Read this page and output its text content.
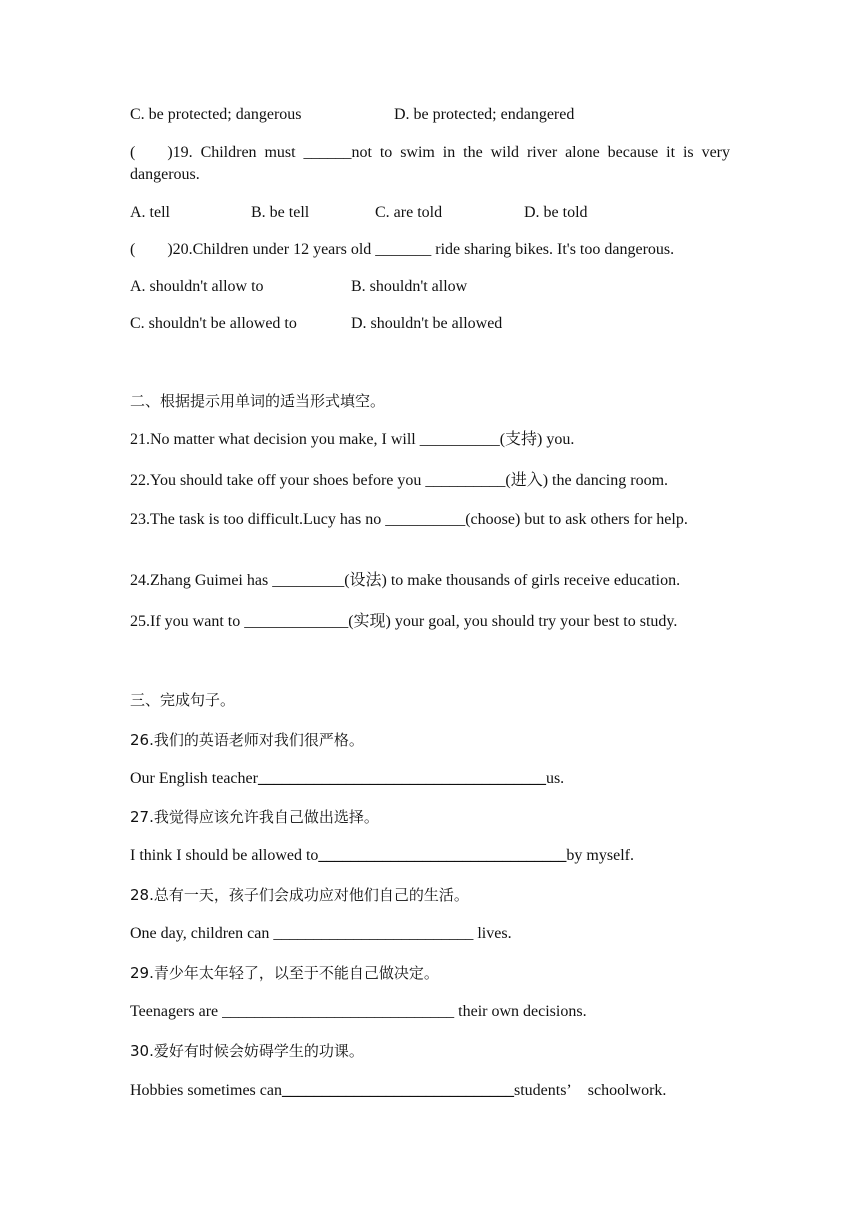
C. be protected; dangerous	D. be protected; endangered
(  )19. Children must ______not to swim in the wild river alone because it is very dangerous.
A. tell	B. be tell	C. are told	D. be told
(  )20.Children under 12 years old _______ ride sharing bikes. It's too dangerous.
A. shouldn't allow to	B. shouldn't allow
C. shouldn't be allowed to	D. shouldn't be allowed
二、根据提示用单词的适当形式填空。
21.No matter what decision you make, I will __________(支持) you.
22.You should take off your shoes before you __________(进入) the dancing room.
23.The task is too difficult.Lucy has no __________(choose) but to ask others for help.
24.Zhang Guimei has _________(设法) to make thousands of girls receive education.
25.If you want to _____________(实现) your goal, you should try your best to study.
三、完成句子。
26.我们的英语老师对我们很严格。
Our English teacher____________________________________us.
27.我觉得应该允许我自己做出选择。
I think I should be allowed to_______________________________by myself.
28.总有一天，孩子们会成功应对他们自己的生活。
One day, children can _________________________ lives.
29.青少年太年轻了，以至于不能自己做决定。
Teenagers are _____________________________ their own decisions.
30.爱好有时候会妨碍学生的功课。
Hobbies sometimes can_____________________________students’ schoolwork.
